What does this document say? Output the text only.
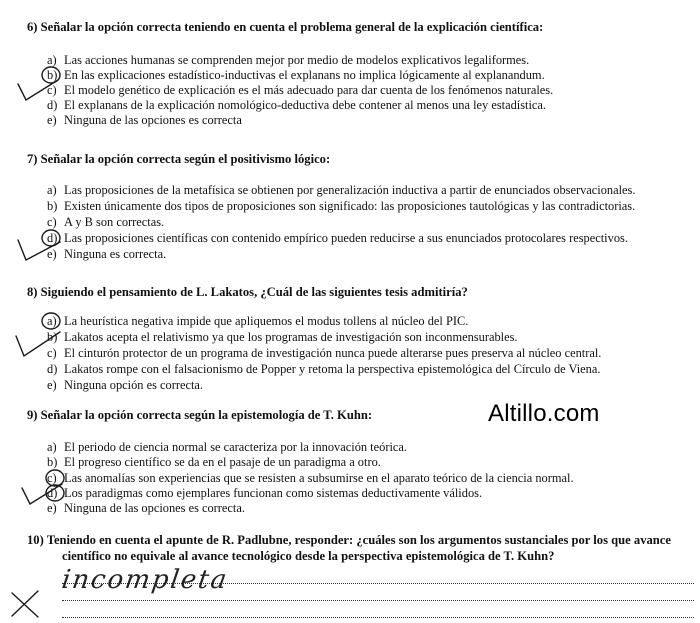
6) Señalar la opción correcta teniendo en cuenta el problema general de la explicación científica:
a) Las acciones humanas se comprenden mejor por medio de modelos explicativos legaliformes.
b) En las explicaciones estadístico-inductivas el explanans no implica lógicamente al explanandum.
c) El modelo genético de explicación es el más adecuado para dar cuenta de los fenómenos naturales.
d) El explanans de la explicación nomológico-deductiva debe contener al menos una ley estadística.
e) Ninguna de las opciones es correcta
7) Señalar la opción correcta según el positivismo lógico:
a) Las proposiciones de la metafísica se obtienen por generalización inductiva a partir de enunciados observacionales.
b) Existen únicamente dos tipos de proposiciones son significado: las proposiciones tautológicas y las contradictorias.
c) A y B son correctas.
d) Las proposiciones científicas con contenido empírico pueden reducirse a sus enunciados protocolares respectivos.
e) Ninguna es correcta.
8) Siguiendo el pensamiento de L. Lakatos, ¿Cuál de las siguientes tesis admitiría?
a) La heurística negativa impide que apliquemos el modus tollens al núcleo del PIC.
b) Lakatos acepta el relativismo ya que los programas de investigación son inconmensurables.
c) El cinturón protector de un programa de investigación nunca puede alterarse pues preserva al núcleo central.
d) Lakatos rompe con el falsacionismo de Popper y retoma la perspectiva epistemológica del Círculo de Viena.
e) Ninguna opción es correcta.
Altillo.com
9) Señalar la opción correcta según la epistemología de T. Kuhn:
a) El periodo de ciencia normal se caracteriza por la innovación teórica.
b) El progreso científico se da en el pasaje de un paradigma a otro.
c) Las anomalías son experiencias que se resisten a subsumirse en el aparato teórico de la ciencia normal.
d) Los paradigmas como ejemplares funcionan como sistemas deductivamente válidos.
e) Ninguna de las opciones es correcta.
10) Teniendo en cuenta el apunte de R. Padlubne, responder: ¿cuáles son los argumentos sustanciales por los que avance
científico no equivale al avance tecnológico desde la perspectiva epistemológica de T. Kuhn?
incompleta
